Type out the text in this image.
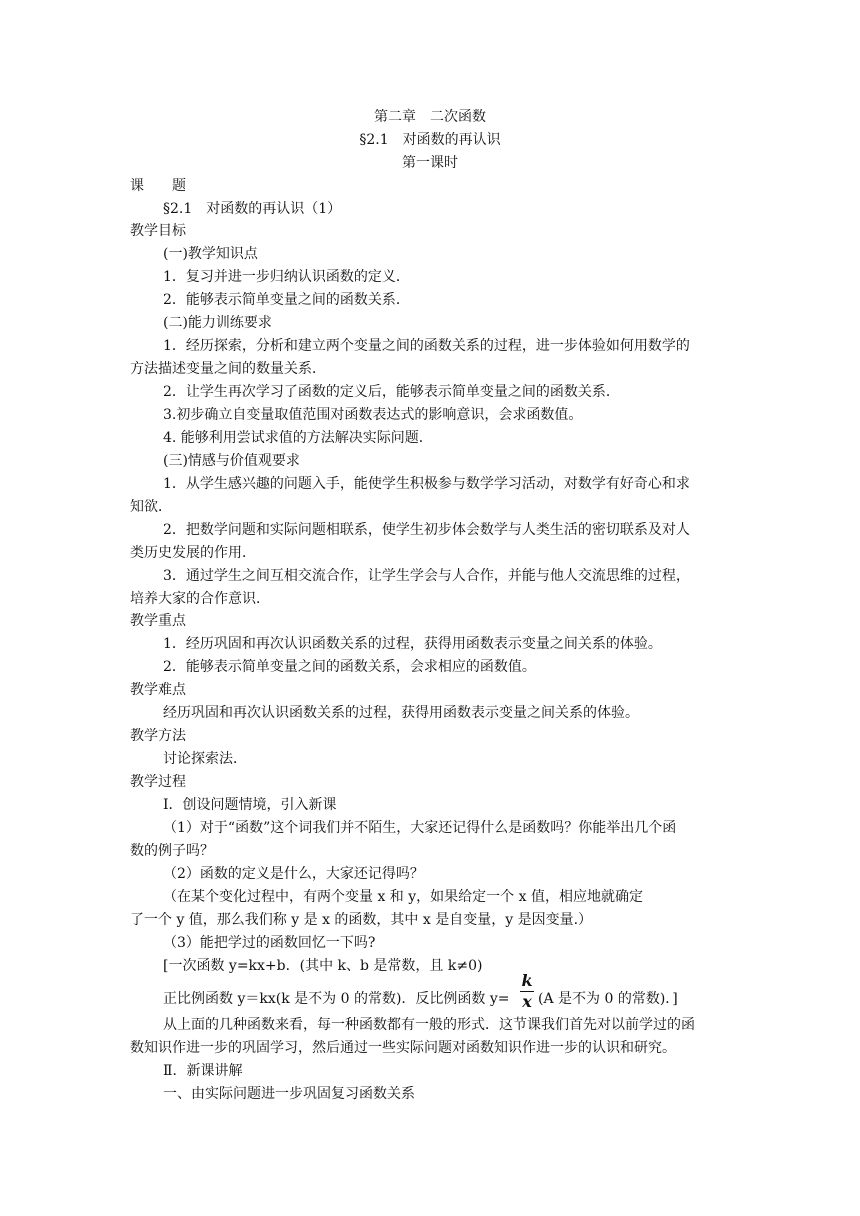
第二章　二次函数
§2.1　对函数的再认识
第一课时
课　　题
§2.1　对函数的再认识（1）
教学目标
(一)教学知识点
1．复习并进一步归纳认识函数的定义．
2．能够表示简单变量之间的函数关系．
(二)能力训练要求
1．经历探索，分析和建立两个变量之间的函数关系的过程，进一步体验如何用数学的
方法描述变量之间的数量关系．
2．让学生再次学习了函数的定义后，能够表示简单变量之间的函数关系．
3.初步确立自变量取值范围对函数表达式的影响意识，会求函数值。
4. 能够利用尝试求值的方法解决实际问题．
(三)情感与价值观要求
1．从学生感兴趣的问题入手，能使学生积极参与数学学习活动，对数学有好奇心和求
知欲．
2．把数学问题和实际问题相联系，使学生初步体会数学与人类生活的密切联系及对人
类历史发展的作用．
3．通过学生之间互相交流合作，让学生学会与人合作，并能与他人交流思维的过程，
培养大家的合作意识．
教学重点
1．经历巩固和再次认识函数关系的过程，获得用函数表示变量之间关系的体验。
2．能够表示简单变量之间的函数关系，会求相应的函数值。
教学难点
经历巩固和再次认识函数关系的过程，获得用函数表示变量之间关系的体验。
教学方法
讨论探索法．
教学过程
Ⅰ．创设问题情境，引入新课
（1）对于“函数”这个词我们并不陌生，大家还记得什么是函数吗？你能举出几个函
数的例子吗？
（2）函数的定义是什么，大家还记得吗？
（在某个变化过程中，有两个变量 x 和 y，如果给定一个 x 值，相应地就确定
了一个 y 值，那么我们称 y 是 x 的函数，其中 x 是自变量，y 是因变量.）
（3）能把学过的函数回忆一下吗?
[一次函数 y=kx+b．(其中 k、b 是常数，且 k≠0)
正比例函数 y＝kx(k 是不为 0 的常数)．反比例函数 y=
k
x (A 是不为 0 的常数)．]
从上面的几种函数来看，每一种函数都有一般的形式．这节课我们首先对以前学过的函
数知识作进一步的巩固学习，然后通过一些实际问题对函数知识作进一步的认识和研究。
Ⅱ．新课讲解
一、由实际问题进一步巩固复习函数关系
